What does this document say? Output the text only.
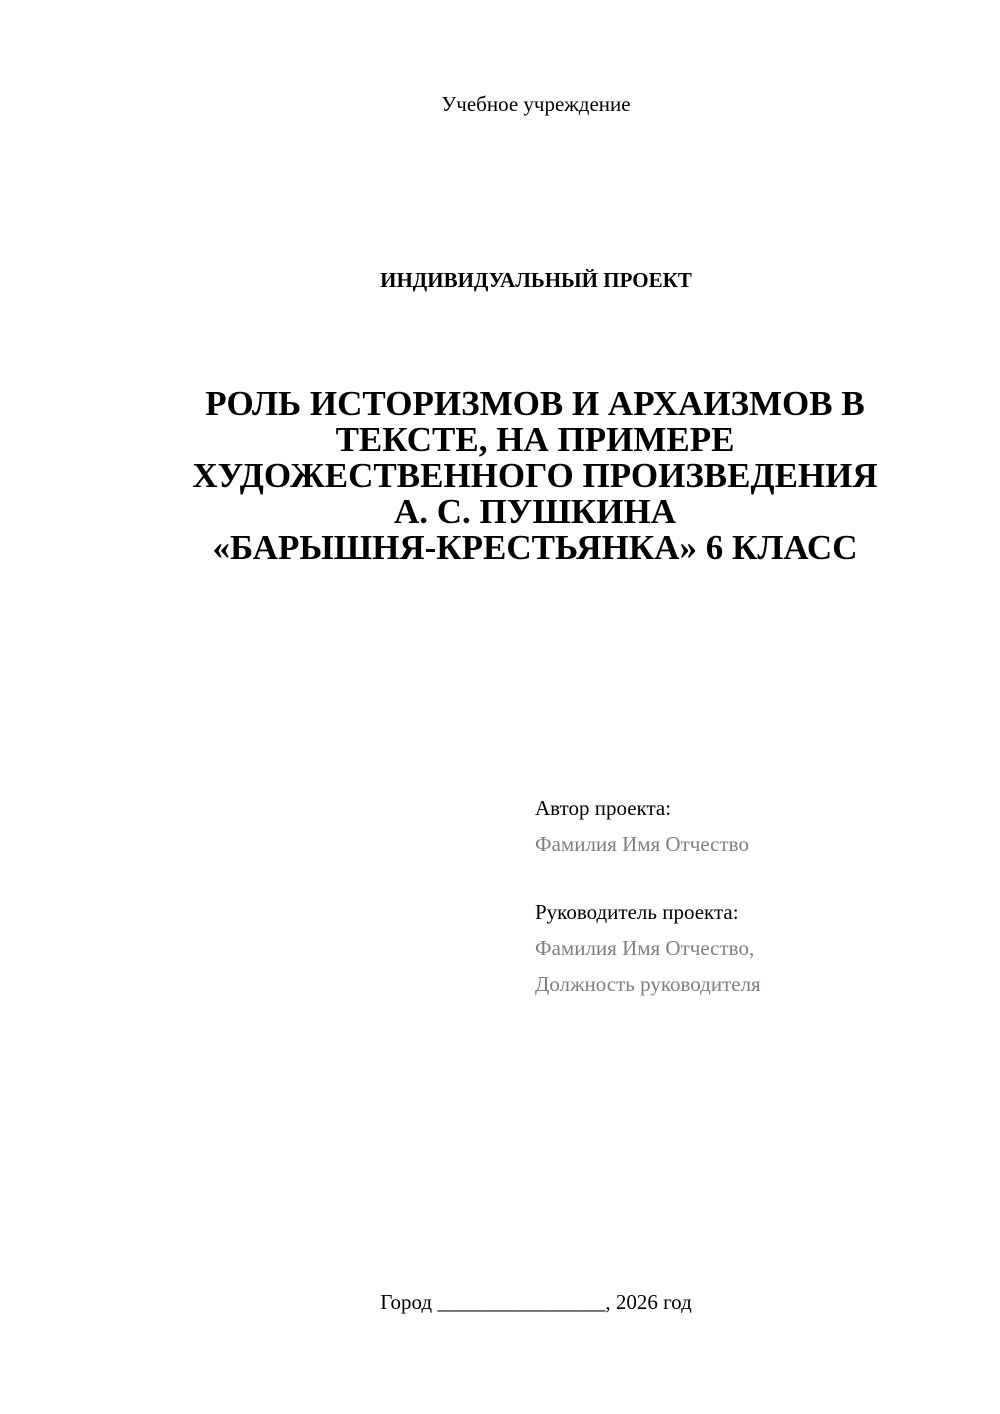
Учебное учреждение
ИНДИВИДУАЛЬНЫЙ ПРОЕКТ
РОЛЬ ИСТОРИЗМОВ И АРХАИЗМОВ В
ТЕКСТЕ, НА ПРИМЕРЕ
ХУДОЖЕСТВЕННОГО ПРОИЗВЕДЕНИЯ
А. С. ПУШКИНА
«БАРЫШНЯ-КРЕСТЬЯНКА» 6 КЛАСС
Автор проекта:
Фамилия Имя Отчество
Руководитель проекта:
Фамилия Имя Отчество,
Должность руководителя
Город ________________, 2026 год
